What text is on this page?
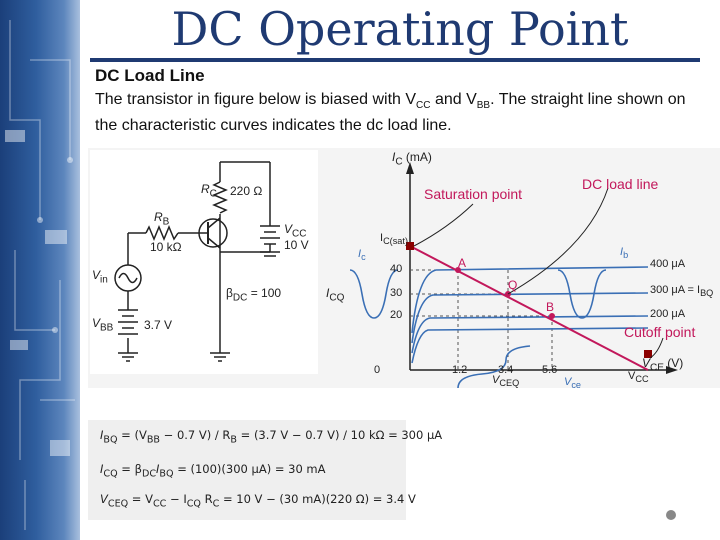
DC Operating Point
DC Load Line
The transistor in figure below is biased with $V_{CC}$ and $V_{BB}$. The straight line shown on the characteristic curves indicates the dc load line.
$R_C$ 220 Ω
$R_B$
10 kΩ
$V_{CC}$
10 V
$V_{in}$
$V_{BB}$	3.7 V
$\beta_{DC} = 100$
$I_C$ (mA)
$V_{CE}$ (V)
40
30
20
0	1.2	3.4	5.6
$I_{CQ}$
$V_{CEQ}$
$I_c$
$V_{ce}$
$I_b$
A
Q
B
400 μA
300 $\mu A = I_{BQ}$
200 μA
Saturation point
DC load line
Cutoff point
$I_{C(sat)}$
$V_{CC}$
$I_{BQ} = (V_{BB} - 0.7$ $V) / R_B = (3.7$ V − 0.7 V) / 10 kΩ = 300 μA
$I_{CQ} = \beta_{DC}I_{BQ} = (100)(300$ μA) = 30 mA
$V_{CEQ} = V_{CC} - I_{CQ}$ $R_C = 10$ V − (30 mA)(220 Ω) = 3.4 V
